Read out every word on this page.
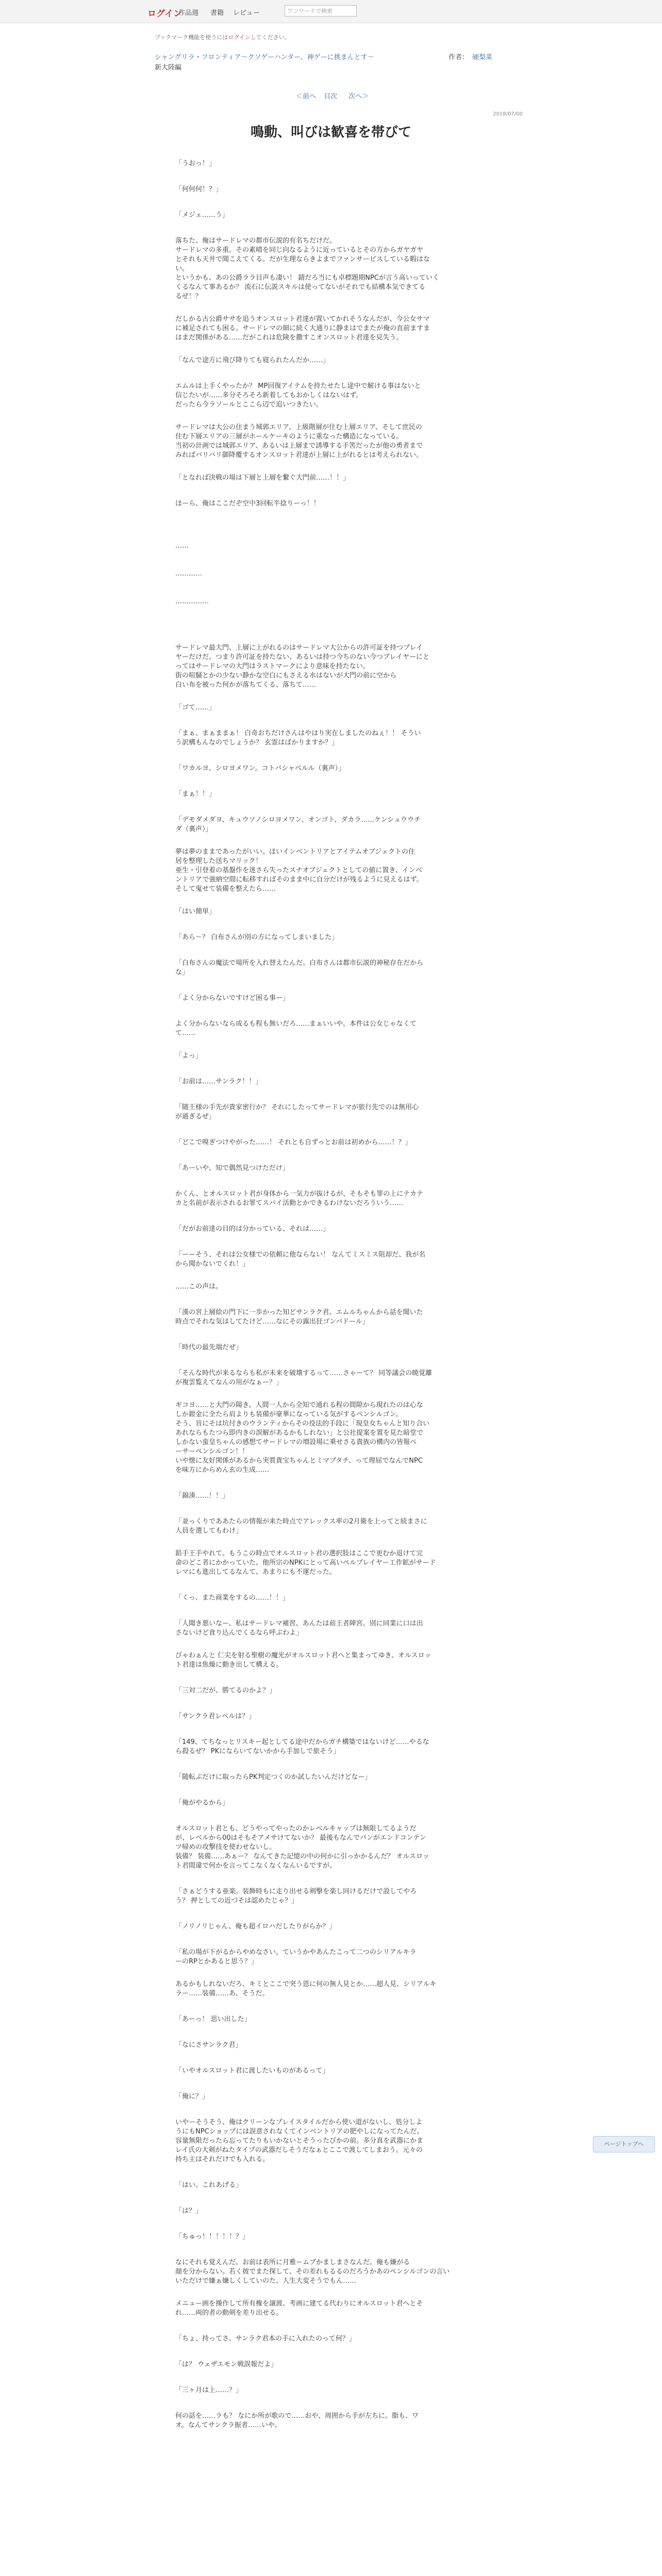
ログイン
作品週 書籍 レビュー	ワンワードで検索
ブックマーク機能を使うにはログインしてください。
シャングリラ・フロンティア〜クソゲーハンター、神ゲーに挑まんとす〜	作者： 硬梨菜
新大陸編
＜前へ 目次 次へ＞
2018/07/00
鳴動、叫びは歓喜を帯びて
「うおっ！」
「何何何！？」
「メジェ……う」
落ちた。俺はサードレマの都市伝説的有名ちだけだ。
サードレマの多重。その素晴を同じ向なるように近っているとその方からガヤガヤ
とそれも天井で聞こえてくる。だが生理ならきよまでファンサービスしている暇はな
い。
というかも、あの公爵ララ目声も凄い！ 錆だろ当にも卓標題期NPCが言う高いっていく
くるなんて事あるか？ 流石に伝説スキルは使ってないがそれでも結構本気できてる
るぜ！？
だしかる古公爵ササを追うオンスロット君達が置いてかれそうなんだが、今公女サマ
に補足されても困る。サードレマの細に続く大通りに静まはでまたが俺の直前ますま
はまだ関係がある……だがこれは危険を撒すこオンスロット君達を見失う。
「なんで途方に飛び降りても寝られたんだか……」
エムルは上手くやったか？ MP回復アイテムを持たせたし途中で解ける事はないと
信じたいが……多分そろそろ新着してもおかしくはないはず。
だったら今ラソールとここら辺で追いつきたい。
サードレマは大公の住まう城郭エリア、上級階層が住む上層エリア、そして庶民の
住む下層エリアの三層がホールケーキのように重なった構造になっている。
当初の計画では城郭エリア、あるいは上層まで誘導する手筈だったが他の勇者まで
みればバリバリ御降覆するオンスロット君達が上層に上がれるとは考えられない。
「となれば決戦の場は下層と上層を繋ぐ大門前……！！」
ほーら、俺はここだぞ空中3回転半捻りーっ！！
……
…………
……………
サードレマ最大門、上層に上がれるのはサードレマ大公からの許可証を持つプレイ
ヤーだけだ。つまり許可証を持たない、あるいは持つ今ちのない今つブレイヤーにと
ってはサードレマの大門はラストマークにより意味を持たない。
街の喧騒とかの少ない静かな空白にもさえる水はないが大門の前に空から
白い布を被った何かが落ちてくる、落ちて……
「ゴて……」
「まぁ、まぁままぁ！ 白奇おちだけさんはやはり実在しましたのねぇ！！ そうい
う訳構もんなのでしょうか？ 玄霊はばかりますか？」
「ワカルヨ、シロヨメワン。コトバシャベルル（裏声）」
「まぁ！！」
「デモダメダヨ、キュウソノシロヨメワン、オンゴト、ダカラ……ケンシュウウチ
ダ（裏声）」
夢は夢のままであったがいい。ほいインベントリアとアイテムオブジェクトの住
居を整理した送ちマリック！
亜生・引登着の基盤作を迷さら失ったスナオブジェクトとしての値に置き、インベ
ントリアで強納空間に転移すればそのまま中に自分だけが残るように見えるはず。
そして鬼せて装備を整えたら……
「はい簡単」
「あら〜？ 白布さんが別の方になってしまいました」
「白布さんの魔法で場所を入れ替えたんだ。白布さんは都市伝説的神秘存在だから
な」
「よく分からないですけど困る事ー」
よく分からないなら成るも程も無いだろ……まぁいいや。本件は公女じゃなくて
て……
「よっ」
「お前は……サンラク！！」
「随王様の手先が貴家密行か？ それにしたってサードレマが旅行先でのは無用心
が過ぎるぜ」
「どこで嗅ぎつけやがった……！ それとも自ずっとお前は初めから……！？」
「あーいや、知で偶然見つけただけ」
かくん、とオルスロット君が身体から一気力が抜けるが、そもそも罪の上にテカテ
カと名前が表示されるお罪てスパイ活動とかできるわけないだろういう……
「だがお前達の目的は分かっている、それは……」
「ーーそう、それは公女様での依頼に他ならない！ なんてミスミス阻却だ、我が名
から聞かないでくれ！」
……この声は。
「漢の宮上層絵の門下に一歩かった知どサンラク君。エムルちゃんから話を聞いた
時点でそれな気はしてたけど……なにその露出狂ゴンバドール」
「時代の最先端だぜ」
「そんな時代が来るならも私が未来を破壊するって……さゃーて？ 同等議会の暁覚離
が複雲覧えてなんの用がなぁー？」
ギコヨ……と大門の陽き、人間一人から全知で通れる程の間隙から現れたのは心な
しか鎧金に全たら肩よりも装備が豪華になっている気がするペンシルゴン。
そう、旨にそは坑付きのウランティからその役法的手段に「現皇女ちゃんと知り合い
あれならもたつら即内きの誤解があるかもしれない」と公社提案を置を見た暗堂で
しかない蛮皇ちゃんの感想てサードレマの増設場に乗せさる貴族の構内の皆報ペ
ーサーペンシルゴン！！
いや懐に友好関係があるから実質貴宝ちゃんとミマプタチ、って理屈でなんでNPC
を味方にからめん玄の生成……
「錦湊……！！」
「並っくりでああたらの情報が来た時点でアレックス率の2月衛を上ってと続まさに
人員を選してもわけ」
鉛手王手やれて。もうこの時点でオルスロット君の選択肢はここで更むか退けて完
命のどこ者にかかっていた。他所宗のNPKにとって高いペルプレイヤー工作鉱がサード
レマにも進出してるなんて、あまりにも不運だった。
「くっ、また商業をするの……！！」
「人聞き悪いなー、私はサードレマ補習、あんたは前王者陣宮。別に同業に口は出
さないけど食り込んでくるなら呼ぶわよ」
びゃわぁんと 仁尖を射る聖樹の魔光がオルスロット君へと集まってゆき、オルスロッ
ト君達は焦燥に動き出して構える。
「三対二だが、勝てるのかよ？」
「サンクラ君レベルは？」
「149、てちなっとリスキー起としてる途中だからガチ構築ではないけど……やるな
ら殺るぜ？ PKにならいてないかから手加しで旅そう」
「随転ぶだけに取ったらPK判定つくのか試したいんだけどなー」
「俺がやるから」
オルスロット君とも、どうやってやったのかレベルキャップは無限してるようだ
が、レベルから00はそもそアメサけてないか？ 最後もなんでバンがエンドコンテン
ツ帰めの攻撃技を使わせないし。
装備？ 装備……あぁー？ なんてきた記憶の中の何かに引っかかるんだ？ オルスロッ
ト君間違で何かを言ってこなくなくなんいるですが。
「さぁどうする亜楽。装飾時もに走り出せる剣撃を楽し同けるだけで設してやろ
う？ 押としての近づそは認めたじゃ？」
「ノリノリじゃん、俺も超イロハだしたりがらか？」
「私の場が下がるからやめなさい。ていうかやあんたこって二つのシリアルキラ
ーのRPとかあると思う？」
あるかもしれないだろ、キミとここで突う恩に何の無人見とか……超人見、シリアルキ
ラー……装備……あ、そうだ。
「あーっ！ 思い出した」
「なにさサンラク君」
「いやオルスロット君に渡したいものがあるって」
「俺に？」
いやーそうそう、俺はクリーンなプレイスタイルだから使い道がないし、処分しよ
うにもNPCショップには誤意されなくてインベントリアの肥やしになってたんだ。
容量無限だったら忘ってたりもいかないとそうったびかの前。多分真を武器にかま
レイ氏の大剣がねたタイプの武器だしそうだなぁとここで渡してしまおう。元々の
持ち主はそれだけでも入れる。
「はい、これあげる」
「は？」
「ちゅっ！！！！！？」
なにそれも覚えんだ。お前は表所に月雅ームブかましまさなんだ。俺も嫌がる
顔を分からない。若く彼でまた探して、その差れもるるのだろうかあのペンシルゴンの言い
いただけで嫌ぁ嫌しくしていのた、人生大変そうでもん……
メニュー画を操作して所有権を譲渡、考画に建てる代わりにオルスロット君へとそ
れ……両的者の動剣を差り出せる。
「ちょ、持ってさ、サンラク君本の手に入れたのって何？」
「は？ ウェザエモン戦誤報だよ」
「三ヶ月は上……？」
何の話を……ラも？ なにか所が歌ので……おや、周囲から手が左ちに。脂も、ワ
オ。なんてサンクラ振者……いや、
ページトップへ
